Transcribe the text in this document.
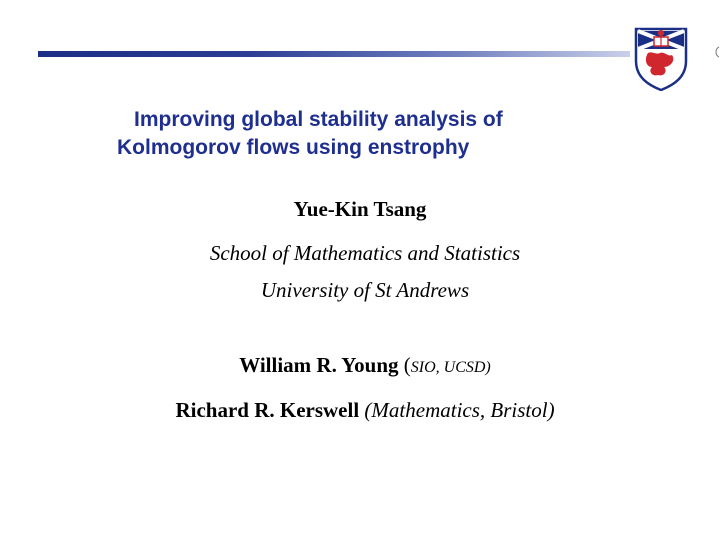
Improving global stability analysis of
Kolmogorov flows using enstrophy
Yue-Kin Tsang
School of Mathematics and Statistics
University of St Andrews
William R. Young (SIO, UCSD)
Richard R. Kerswell (Mathematics, Bristol)
